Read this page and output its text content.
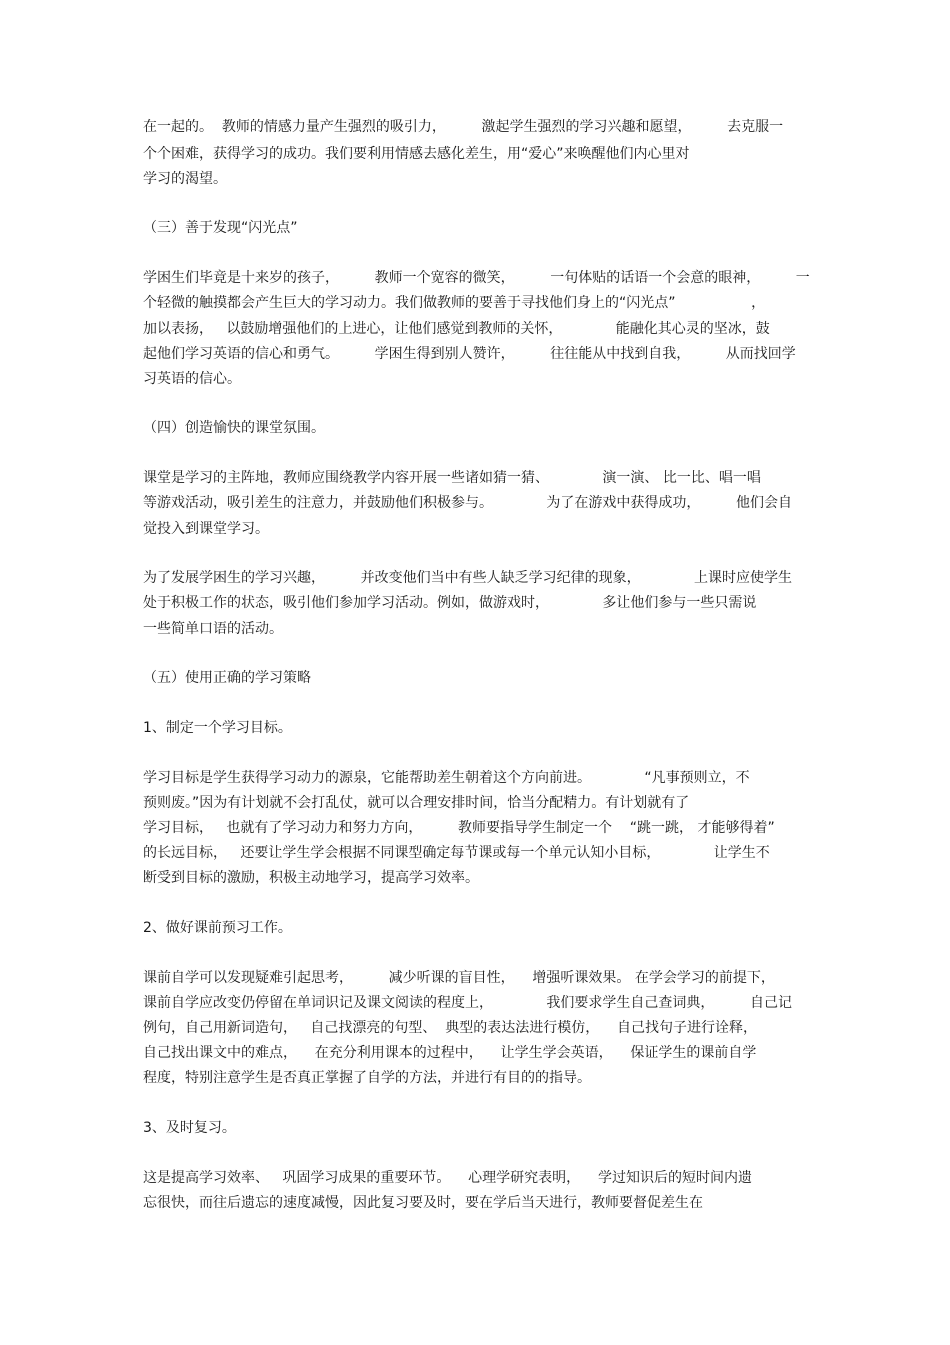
在一起的。  教师的情感力量产生强烈的吸引力，        激起学生强烈的学习兴趣和愿望，        去克服一
个个困难，获得学习的成功。我们要利用情感去感化差生，用“爱心”来唤醒他们内心里对
学习的渴望。
（三）善于发现“闪光点”
学困生们毕竟是十来岁的孩子，        教师一个宽容的微笑，        一句体贴的话语一个会意的眼神，        一
个轻微的触摸都会产生巨大的学习动力。我们做教师的要善于寻找他们身上的“闪光点”                 ，
加以表扬，   以鼓励增强他们的上进心，让他们感觉到教师的关怀，            能融化其心灵的坚冰，鼓
起他们学习英语的信心和勇气。        学困生得到别人赞许，        往往能从中找到自我，        从而找回学
习英语的信心。
（四）创造愉快的课堂氛围。
课堂是学习的主阵地，教师应围绕教学内容开展一些诸如猜一猜、            演一演、 比一比、唱一唱
等游戏活动，吸引差生的注意力，并鼓励他们积极参与。            为了在游戏中获得成功，        他们会自
觉投入到课堂学习。
为了发展学困生的学习兴趣，        并改变他们当中有些人缺乏学习纪律的现象，            上课时应使学生
处于积极工作的状态，吸引他们参加学习活动。例如，做游戏时，            多让他们参与一些只需说
一些简单口语的活动。
（五）使用正确的学习策略
1、制定一个学习目标。
学习目标是学生获得学习动力的源泉，它能帮助差生朝着这个方向前进。            “凡事预则立，不
预则废。”因为有计划就不会打乱仗，就可以合理安排时间，恰当分配精力。有计划就有了
学习目标，   也就有了学习动力和努力方向，        教师要指导学生制定一个    “跳一跳， 才能够得着”
的长远目标，   还要让学生学会根据不同课型确定每节课或每一个单元认知小目标，            让学生不
断受到目标的激励，积极主动地学习，提高学习效率。
2、做好课前预习工作。
课前自学可以发现疑难引起思考，        减少听课的盲目性，    增强听课效果。 在学会学习的前提下，
课前自学应改变仍停留在单词识记及课文阅读的程度上，            我们要求学生自己查词典，        自己记
例句，自己用新词造句，   自己找漂亮的句型、  典型的表达法进行模仿，    自己找句子进行诠释，
自己找出课文中的难点，    在充分利用课本的过程中，    让学生学会英语，    保证学生的课前自学
程度，特别注意学生是否真正掌握了自学的方法，并进行有目的的指导。
3、及时复习。
这是提高学习效率、   巩固学习成果的重要环节。    心理学研究表明，    学过知识后的短时间内遗
忘很快，而往后遗忘的速度减慢，因此复习要及时，要在学后当天进行，教师要督促差生在
